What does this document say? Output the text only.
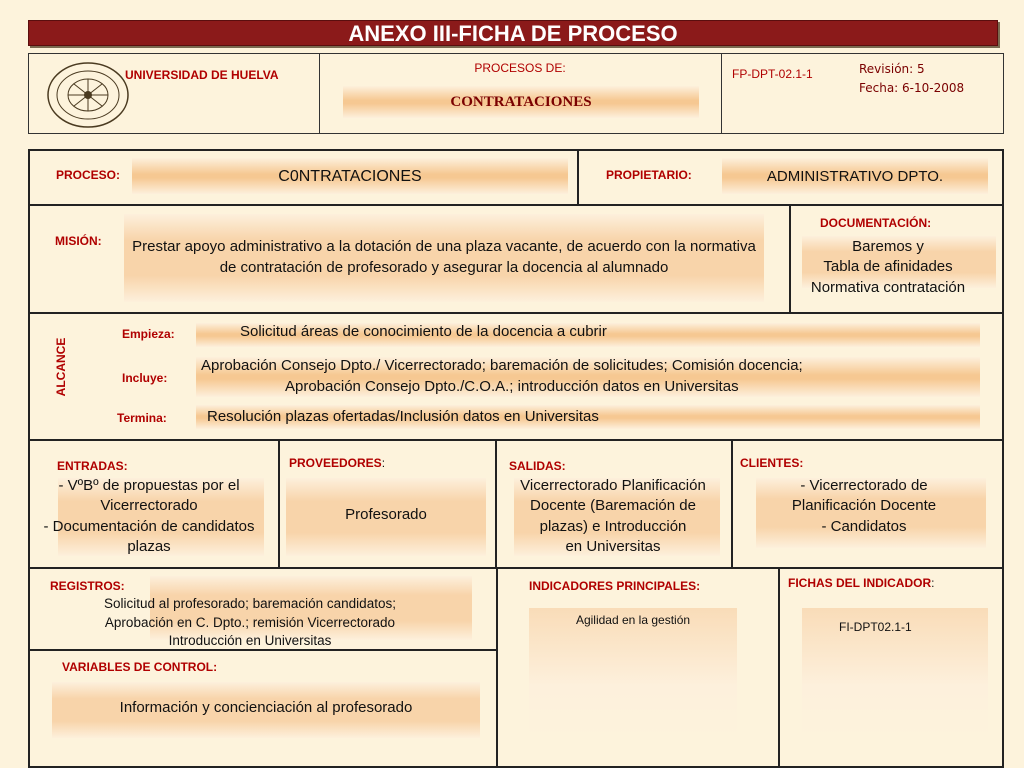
ANEXO III-FICHA DE PROCESO
UNIVERSIDAD DE HUELVA	PROCESOS DE:
CONTRATACIONES
FP-DPT-02.1-1	Revisión: 5
Fecha: 6-10-2008
PROCESO:	C0NTRATACIONES	PROPIETARIO:	ADMINISTRATIVO DPTO.
MISIÓN:	Prestar apoyo administrativo a la dotación de una plaza vacante, de acuerdo con la normativa de contratación de profesorado y asegurar la docencia al alumnado
DOCUMENTACIÓN:
Baremos y
Tabla de afinidades
Normativa contratación
ALCANCE
Empieza:	Solicitud áreas de conocimiento de la docencia a cubrir
Incluye:
Aprobación Consejo Dpto./ Vicerrectorado; baremación de solicitudes; Comisión docencia;
Aprobación Consejo Dpto./C.O.A.; introducción datos en Universitas
Termina:	Resolución plazas ofertadas/Inclusión datos en Universitas
ENTRADAS:
- VºBº de propuestas por el
Vicerrectorado
- Documentación de candidatos
plazas
PROVEEDORES:
Profesorado
SALIDAS:
Vicerrectorado Planificación
Docente (Baremación de
plazas) e Introducción
en Universitas
CLIENTES:
- Vicerrectorado de
Planificación Docente
- Candidatos
REGISTROS:
Solicitud al profesorado; baremación candidatos;
Aprobación en C. Dpto.; remisión Vicerrectorado
Introducción en Universitas
VARIABLES DE CONTROL:
Información y concienciación al profesorado
INDICADORES PRINCIPALES:
Agilidad en la gestión
FICHAS DEL INDICADOR:
FI-DPT02.1-1
